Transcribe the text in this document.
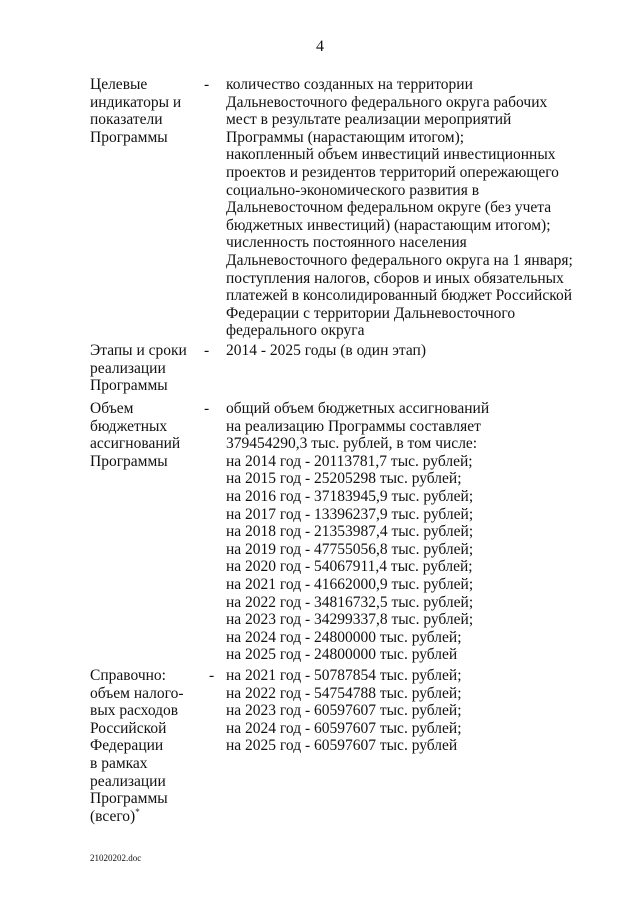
4
Целевые
индикаторы и
показатели
Программы
- количество созданных на территории
Дальневосточного федерального округа рабочих
мест в результате реализации мероприятий
Программы (нарастающим итогом);
накопленный объем инвестиций инвестиционных
проектов и резидентов территорий опережающего
социально-экономического развития в
Дальневосточном федеральном округе (без учета
бюджетных инвестиций) (нарастающим итогом);
численность постоянного населения
Дальневосточного федерального округа на 1 января;
поступления налогов, сборов и иных обязательных
платежей в консолидированный бюджет Российской
Федерации с территории Дальневосточного
федерального округа
Этапы и сроки
реализации
Программы
- 2014 - 2025 годы (в один этап)
Объем
бюджетных
ассигнований
Программы
- общий объем бюджетных ассигнований
на реализацию Программы составляет
379454290,3 тыс. рублей, в том числе:
на 2014 год - 20113781,7 тыс. рублей;
на 2015 год - 25205298 тыс. рублей;
на 2016 год - 37183945,9 тыс. рублей;
на 2017 год - 13396237,9 тыс. рублей;
на 2018 год - 21353987,4 тыс. рублей;
на 2019 год - 47755056,8 тыс. рублей;
на 2020 год - 54067911,4 тыс. рублей;
на 2021 год - 41662000,9 тыс. рублей;
на 2022 год - 34816732,5 тыс. рублей;
на 2023 год - 34299337,8 тыс. рублей;
на 2024 год - 24800000 тыс. рублей;
на 2025 год - 24800000 тыс. рублей
Справочно:
объем налого-
вых расходов
Российской
Федерации
в рамках
реализации
Программы
(всего)*
- на 2021 год - 50787854 тыс. рублей;
на 2022 год - 54754788 тыс. рублей;
на 2023 год - 60597607 тыс. рублей;
на 2024 год - 60597607 тыс. рублей;
на 2025 год - 60597607 тыс. рублей
21020202.doc
